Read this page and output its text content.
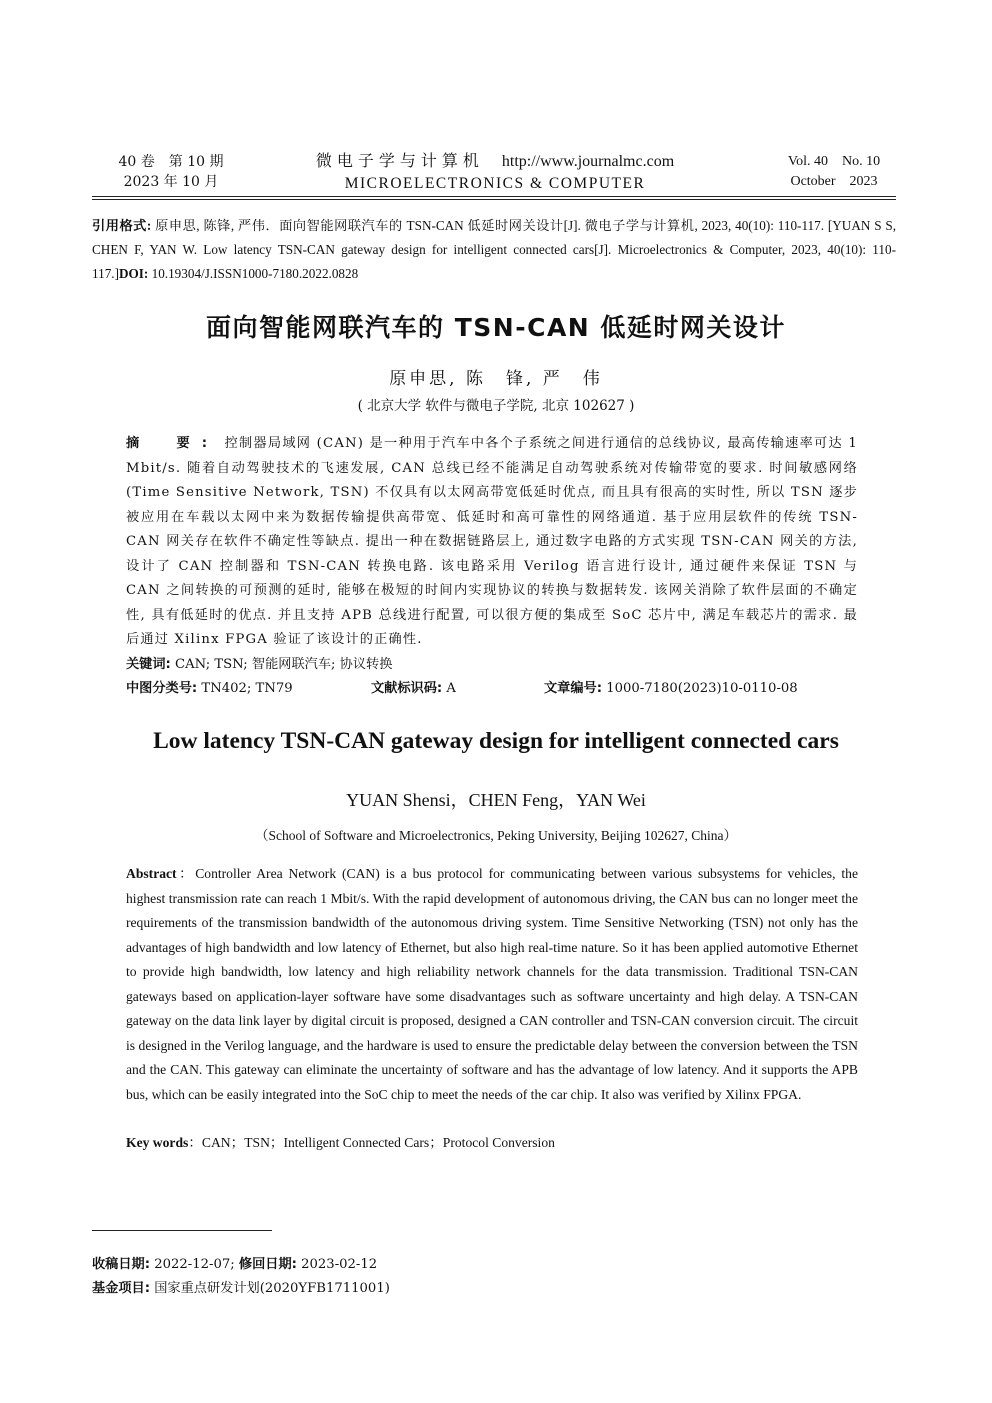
40 卷　第 10 期
2023 年 10 月
微电子学与计算机 http://www.journalmc.com
MICROELECTRONICS & COMPUTER
Vol. 40　No. 10
October　2023
引用格式: 原申思, 陈锋, 严伟．面向智能网联汽车的 TSN-CAN 低延时网关设计[J]. 微电子学与计算机, 2023, 40(10): 110-117. [YUAN S S, CHEN F, YAN W. Low latency TSN-CAN gateway design for intelligent connected cars[J]. Microelectronics & Computer, 2023, 40(10): 110-117.]DOI: 10.19304/J.ISSN1000-7180.2022.0828
面向智能网联汽车的 TSN-CAN 低延时网关设计
原申思, 陈　锋, 严　伟
( 北京大学 软件与微电子学院, 北京 102627 )
摘　要: 控制器局域网 (CAN) 是一种用于汽车中各个子系统之间进行通信的总线协议, 最高传输速率可达 1 Mbit/s. 随着自动驾驶技术的飞速发展, CAN 总线已经不能满足自动驾驶系统对传输带宽的要求. 时间敏感网络 (Time Sensitive Network, TSN) 不仅具有以太网高带宽低延时优点, 而且具有很高的实时性, 所以 TSN 逐步被应用在车载以太网中来为数据传输提供高带宽、低延时和高可靠性的网络通道. 基于应用层软件的传统 TSN-CAN 网关存在软件不确定性等缺点. 提出一种在数据链路层上, 通过数字电路的方式实现 TSN-CAN 网关的方法, 设计了 CAN 控制器和 TSN-CAN 转换电路. 该电路采用 Verilog 语言进行设计, 通过硬件来保证 TSN 与 CAN 之间转换的可预测的延时, 能够在极短的时间内实现协议的转换与数据转发. 该网关消除了软件层面的不确定性, 具有低延时的优点. 并且支持 APB 总线进行配置, 可以很方便的集成至 SoC 芯片中, 满足车载芯片的需求. 最后通过 Xilinx FPGA 验证了该设计的正确性.
关键词: CAN; TSN; 智能网联汽车; 协议转换
中图分类号: TN402; TN79	文献标识码: A	文章编号: 1000-7180(2023)10-0110-08
Low latency TSN-CAN gateway design for intelligent connected cars
YUAN Shensi，CHEN Feng，YAN Wei
（School of Software and Microelectronics, Peking University, Beijing 102627, China）
Abstract：Controller Area Network (CAN) is a bus protocol for communicating between various subsystems for vehicles, the highest transmission rate can reach 1 Mbit/s. With the rapid development of autonomous driving, the CAN bus can no longer meet the requirements of the transmission bandwidth of the autonomous driving system. Time Sensitive Networking (TSN) not only has the advantages of high bandwidth and low latency of Ethernet, but also high real-time nature. So it has been applied automotive Ethernet to provide high bandwidth, low latency and high reliability network channels for the data transmission. Traditional TSN-CAN gateways based on application-layer software have some disadvantages such as software uncertainty and high delay. A TSN-CAN gateway on the data link layer by digital circuit is proposed, designed a CAN controller and TSN-CAN conversion circuit. The circuit is designed in the Verilog language, and the hardware is used to ensure the predictable delay between the conversion between the TSN and the CAN. This gateway can eliminate the uncertainty of software and has the advantage of low latency. And it supports the APB bus, which can be easily integrated into the SoC chip to meet the needs of the car chip. It also was verified by Xilinx FPGA.
Key words：CAN；TSN；Intelligent Connected Cars；Protocol Conversion
收稿日期: 2022-12-07; 修回日期: 2023-02-12
基金项目: 国家重点研发计划(2020YFB1711001)
